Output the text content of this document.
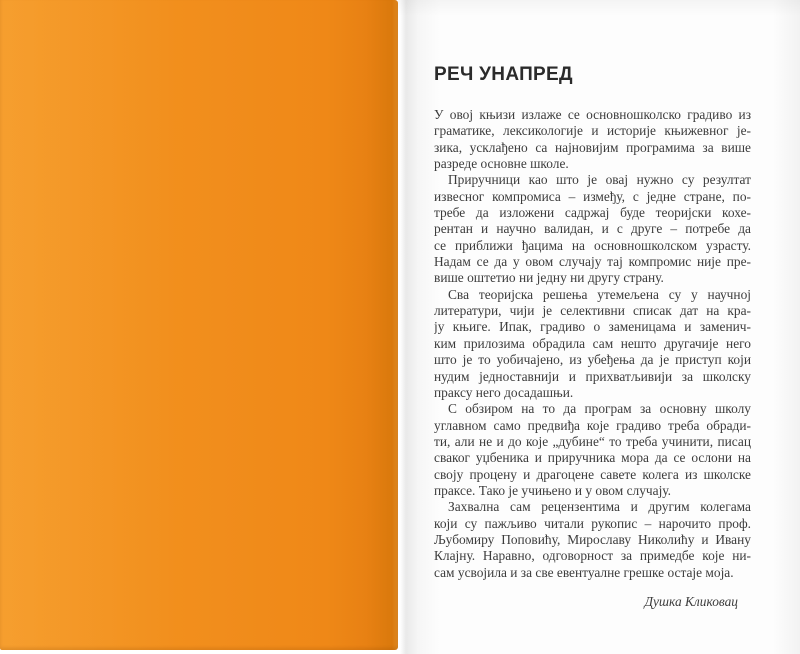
РЕЧ УНАПРЕД
У овој књизи излаже се основношколско градиво из
граматике, лексикологије и историје књижевног је-
зика, усклађено са најновијим програмима за више
разреде основне школе.
Приручници као што је овај нужно су резултат
извесног компромиса – између, с једне стране, по-
требе да изложени садржај буде теоријски кохе-
рентан и научно валидан, и с друге – потребе да
се приближи ђацима на основношколском узрасту.
Надам се да у овом случају тај компромис није пре-
више оштетио ни једну ни другу страну.
Сва теоријска решења утемељена су у научној
литератури, чији је селективни списак дат на кра-
ју књиге. Ипак, градиво о заменицама и заменич-
ким прилозима обрадила сам нешто другачије него
што је то уобичајено, из убеђења да је приступ који
нудим једноставнији и прихватљивији за школску
праксу него досадашњи.
С обзиром на то да програм за основну школу
углавном само предвиђа које градиво треба обради-
ти, али не и до које „дубине“ то треба учинити, писац
сваког уџбеника и приручника мора да се ослони на
своју процену и драгоцене савете колега из школске
праксе. Тако је учињено и у овом случају.
Захвална сам рецензентима и другим колегама
који су пажљиво читали рукопис – нарочито проф.
Љубомиру Поповићу, Мирославу Николићу и Ивану
Клајну. Наравно, одговорност за примедбе које ни-
сам усвојила и за све евентуалне грешке остаје моја.
Душка Кликовац
